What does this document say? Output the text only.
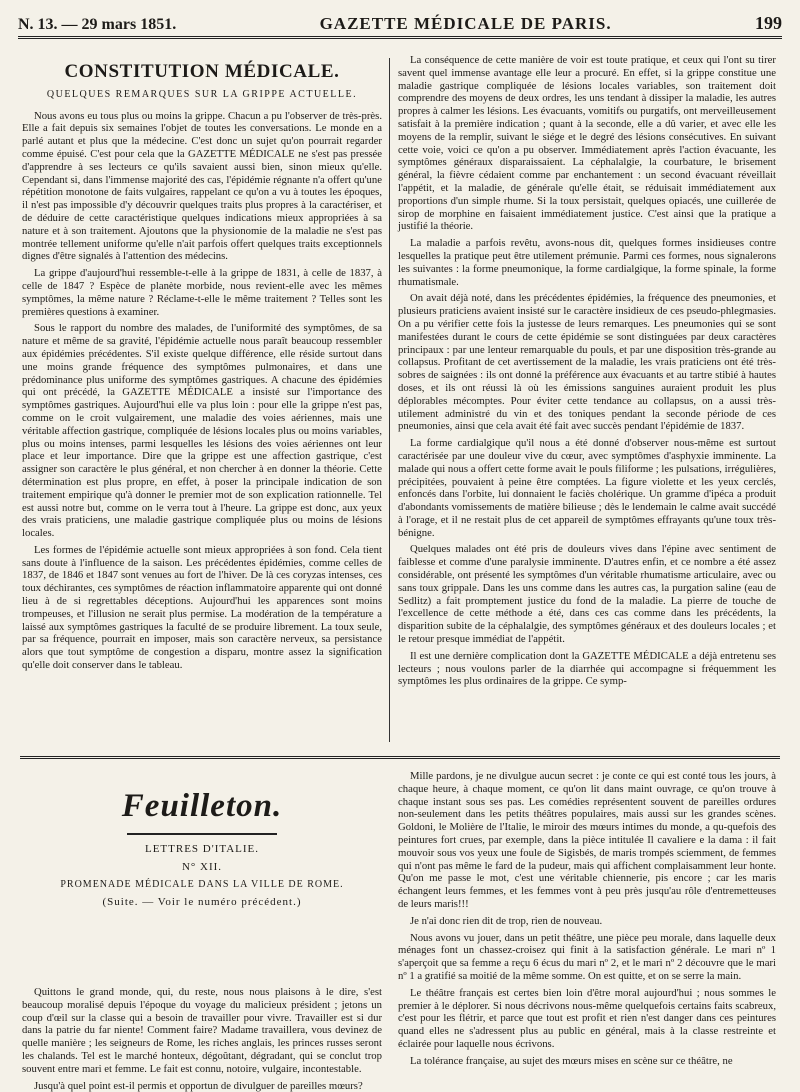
N. 13. — 29 mars 1851.	GAZETTE MÉDICALE DE PARIS.	199
CONSTITUTION MÉDICALE.
QUELQUES REMARQUES SUR LA GRIPPE ACTUELLE.

Nous avons eu tous plus ou moins la grippe. Chacun a pu l'observer de très-près. Elle a fait depuis six semaines l'objet de toutes les conversations. Le monde en a parlé autant et plus que la médecine. C'est donc un sujet qu'on pourrait regarder comme épuisé. C'est pour cela que la GAZETTE MÉDICALE ne s'est pas pressée d'apprendre à ses lecteurs ce qu'ils savaient aussi bien, sinon mieux qu'elle. Cependant si, dans l'immense majorité des cas, l'épidémie régnante n'a offert qu'une répétition monotone de faits vulgaires, rappelant ce qu'on a vu à toutes les époques, il n'est pas impossible d'y découvrir quelques traits plus propres à la caractériser, et de déduire de cette caractéristique quelques indications mieux appropriées à sa nature et à son traitement. Ajoutons que la physionomie de la maladie ne s'est pas montrée tellement uniforme qu'elle n'ait parfois offert quelques traits exceptionnels dignes d'être signalés à l'attention des médecins.

La grippe d'aujourd'hui ressemble-t-elle à la grippe de 1831, à celle de 1837, à celle de 1847 ? Espèce de planète morbide, nous revient-elle avec les mêmes symptômes, la même nature ? Réclame-t-elle le même traitement ? Telles sont les premières questions à examiner.

Sous le rapport du nombre des malades, de l'uniformité des symptômes, de sa nature et même de sa gravité, l'épidémie actuelle nous paraît beaucoup ressembler aux épidémies précédentes. S'il existe quelque différence, elle réside surtout dans une moins grande fréquence des symptômes pulmonaires, et dans une prédominance plus uniforme des symptômes gastriques. A chacune des épidémies qui ont précédé, la GAZETTE MÉDICALE a insisté sur l'importance des symptômes gastriques. Aujourd'hui elle va plus loin : pour elle la grippe n'est pas, comme on le croit vulgairement, une maladie des voies aériennes, mais une véritable affection gastrique, compliquée de lésions locales plus ou moins variables, plus ou moins intenses, parmi lesquelles les lésions des voies aériennes ont leur place et leur importance. Dire que la grippe est une affection gastrique, c'est assigner son caractère le plus général, et non chercher à en donner la théorie. Cette détermination est plus propre, en effet, à poser la principale indication de son traitement empirique qu'à donner le premier mot de son explication rationnelle. Tel est aussi notre but, comme on le verra tout à l'heure. La grippe est donc, aux yeux des vrais praticiens, une maladie gastrique compliquée plus ou moins de lésions locales.

Les formes de l'épidémie actuelle sont mieux appropriées à son fond. Cela tient sans doute à l'influence de la saison. Les précédentes épidémies, comme celles de 1837, de 1846 et 1847 sont venues au fort de l'hiver. De là ces coryzas intenses, ces toux déchirantes, ces symptômes de réaction inflammatoire apparente qui ont donné lieu à de si regrettables déceptions. Aujourd'hui les apparences sont moins trompeuses, et l'illusion ne serait plus permise. La modération de la température a laissé aux symptômes gastriques la faculté de se produire librement. La toux seule, par sa fréquence, pourrait en imposer, mais son caractère nerveux, sa persistance alors que tout symptôme de congestion a disparu, montre assez la signification qu'elle doit conserver dans le tableau.

La conséquence de cette manière de voir est toute pratique, et ceux qui l'ont su tirer savent quel immense avantage elle leur a procuré. En effet, si la grippe constitue une maladie gastrique compliquée de lésions locales variables, son traitement doit comprendre des moyens de deux ordres, les uns tendant à dissiper la maladie, les autres propres à calmer les lésions. Les évacuants, vomitifs ou purgatifs, ont merveilleusement satisfait à la première indication ; quant à la seconde, elle a dû varier, et avec elle les moyens de la remplir, suivant le siége et le degré des lésions consécutives. En suivant cette voie, voici ce qu'on a pu observer. Immédiatement après l'action évacuante, les symptômes généraux disparaissaient. La céphalalgie, la courbature, le brisement général, la fièvre cédaient comme par enchantement : un second évacuant réveillait l'appétit, et la maladie, de générale qu'elle était, se réduisait immédiatement aux proportions d'un simple rhume. Si la toux persistait, quelques opiacés, une cuillerée de sirop de morphine en faisaient immédiatement justice. C'est ainsi que la pratique a justifié la théorie.

La maladie a parfois revêtu, avons-nous dit, quelques formes insidieuses contre lesquelles la pratique peut être utilement prémunie. Parmi ces formes, nous signalerons les suivantes : la forme pneumonique, la forme cardialgique, la forme spinale, la forme rhumatismale.

On avait déjà noté, dans les précédentes épidémies, la fréquence des pneumonies, et plusieurs praticiens avaient insisté sur le caractère insidieux de ces pseudo-phlegmasies. On a pu vérifier cette fois la justesse de leurs remarques. Les pneumonies qui se sont manifestées durant le cours de cette épidémie se sont distinguées par deux caractères principaux : par une lenteur remarquable du pouls, et par une disposition très-grande au collapsus. Profitant de cet avertissement de la maladie, les vrais praticiens ont été très-sobres de saignées : ils ont donné la préférence aux évacuants et au tartre stibié à hautes doses, et ils ont réussi là où les émissions sanguines auraient produit les plus déplorables mécomptes. Pour éviter cette tendance au collapsus, on a aussi très-utilement administré du vin et des toniques pendant la seconde période de ces pneumonies, ainsi que cela avait été fait avec succès pendant l'épidémie de 1837.

La forme cardialgique qu'il nous a été donné d'observer nous-même est surtout caractérisée par une douleur vive du cœur, avec symptômes d'asphyxie imminente. La malade qui nous a offert cette forme avait le pouls filiforme ; les pulsations, irrégulières, précipitées, pouvaient à peine être comptées. La figure violette et les yeux cerclés, enfoncés dans l'orbite, lui donnaient le faciès cholérique. Un gramme d'ipéca a produit d'abondants vomissements de matière bilieuse ; dès le lendemain le calme avait succédé à l'orage, et il ne restait plus de cet appareil de symptômes effrayants qu'une toux très-bénigne.

Quelques malades ont été pris de douleurs vives dans l'épine avec sentiment de faiblesse et comme d'une paralysie imminente. D'autres enfin, et ce nombre a été assez considérable, ont présenté les symptômes d'un véritable rhumatisme articulaire, avec ou sans toux grippale. Dans les uns comme dans les autres cas, la purgation saline (eau de Sedlitz) a fait promptement justice du fond de la maladie. La pierre de touche de l'excellence de cette méthode a été, dans ces cas comme dans les précédents, la disparition subite de la céphalalgie, des symptômes généraux et des douleurs locales ; et le retour presque immédiat de l'appétit.

Il est une dernière complication dont la GAZETTE MÉDICALE a déjà entretenu ses lecteurs ; nous voulons parler de la diarrhée qui accompagne si fréquemment les symptômes les plus ordinaires de la grippe. Ce symp-

Feuilleton.
LETTRES D'ITALIE.
N° XII.
PROMENADE MÉDICALE DANS LA VILLE DE ROME.
(Suite. — Voir le numéro précédent.)

Quittons le grand monde, qui, du reste, nous nous plaisons à le dire, s'est beaucoup moralisé depuis l'époque du voyage du malicieux président ; jetons un coup d'œil sur la classe qui a besoin de travailler pour vivre. Travailler est si dur dans la patrie du far niente! Comment faire? Madame travaillera, vous devinez de quelle manière ; les seigneurs de Rome, les riches anglais, les princes russes seront les chalands. Tel est le marché honteux, dégoûtant, dégradant, qui se conclut trop souvent entre mari et femme. Le fait est connu, notoire, vulgaire, incontestable.

Jusqu'à quel point est-il permis et opportun de divulguer de pareilles mœurs?

Mille pardons, je ne divulgue aucun secret : je conte ce qui est conté tous les jours, à chaque heure, à chaque moment, ce qu'on lit dans maint ouvrage, ce qu'on trouve à chaque instant sous ses pas. Les comédies représentent souvent de pareilles ordures non-seulement dans les petits théâtres populaires, mais aussi sur les grandes scènes. Goldoni, le Molière de l'Italie, le miroir des mœurs intimes du monde, a qu-quefois des peintures fort crues, par exemple, dans la pièce intitulée Il cavaliere e la dama : il fait mouvoir sous vos yeux une foule de Sigisbés, de maris trompés sciemment, de femmes qui n'ont pas même le fard de la pudeur, mais qui affichent complaisamment leur honte. Qu'on me passe le mot, c'est une véritable chiennerie, pis encore ; car les maris échangent leurs femmes, et les femmes vont à peu près jusqu'au rôle d'entremetteuses de leurs maris!!!

Je n'ai donc rien dit de trop, rien de nouveau.

Nous avons vu jouer, dans un petit théâtre, une pièce peu morale, dans laquelle deux ménages font un chassez-croisez qui finit à la satisfaction générale. Le mari nº 1 s'aperçoit que sa femme a reçu 6 écus du mari nº 2, et le mari nº 2 découvre que le mari nº 1 a gratifié sa moitié de la même somme. On est quitte, et on se serre la main.

Le théâtre français est certes bien loin d'être moral aujourd'hui ; nous sommes le premier à le déplorer. Si nous décrivons nous-même quelquefois certains faits scabreux, c'est pour les flétrir, et parce que tout est profit et rien n'est danger dans ces peintures quand elles ne s'adressent plus au public en général, mais à la classe restreinte et éclairée pour laquelle nous écrivons.

La tolérance française, au sujet des mœurs mises en scène sur ce théâtre, ne
